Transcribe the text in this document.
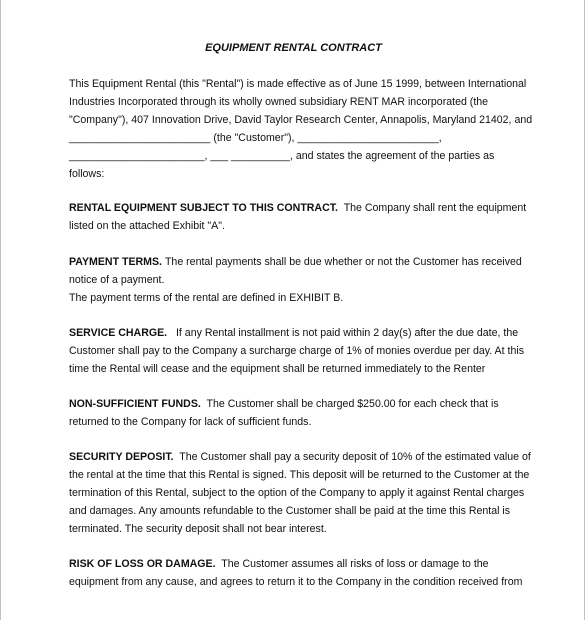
EQUIPMENT RENTAL CONTRACT

This Equipment Rental (this "Rental") is made effective as of June 15 1999, between International
Industries Incorporated through its wholly owned subsidiary RENT MAR incorporated (the
"Company"), 407 Innovation Drive, David Taylor Research Center, Annapolis, Maryland 21402, and
________________________ (the "Customer"), ________________________,
_______________________, ___ __________, and states the agreement of the parties as
follows:

RENTAL EQUIPMENT SUBJECT TO THIS CONTRACT. The Company shall rent the equipment
listed on the attached Exhibit "A".

PAYMENT TERMS. The rental payments shall be due whether or not the Customer has received
notice of a payment.
The payment terms of the rental are defined in EXHIBIT B.

SERVICE CHARGE. If any Rental installment is not paid within 2 day(s) after the due date, the
Customer shall pay to the Company a surcharge charge of 1% of monies overdue per day. At this
time the Rental will cease and the equipment shall be returned immediately to the Renter

NON-SUFFICIENT FUNDS. The Customer shall be charged $250.00 for each check that is
returned to the Company for lack of sufficient funds.

SECURITY DEPOSIT. The Customer shall pay a security deposit of 10% of the estimated value of
the rental at the time that this Rental is signed. This deposit will be returned to the Customer at the
termination of this Rental, subject to the option of the Company to apply it against Rental charges
and damages. Any amounts refundable to the Customer shall be paid at the time this Rental is
terminated. The security deposit shall not bear interest.

RISK OF LOSS OR DAMAGE. The Customer assumes all risks of loss or damage to the
equipment from any cause, and agrees to return it to the Company in the condition received from
